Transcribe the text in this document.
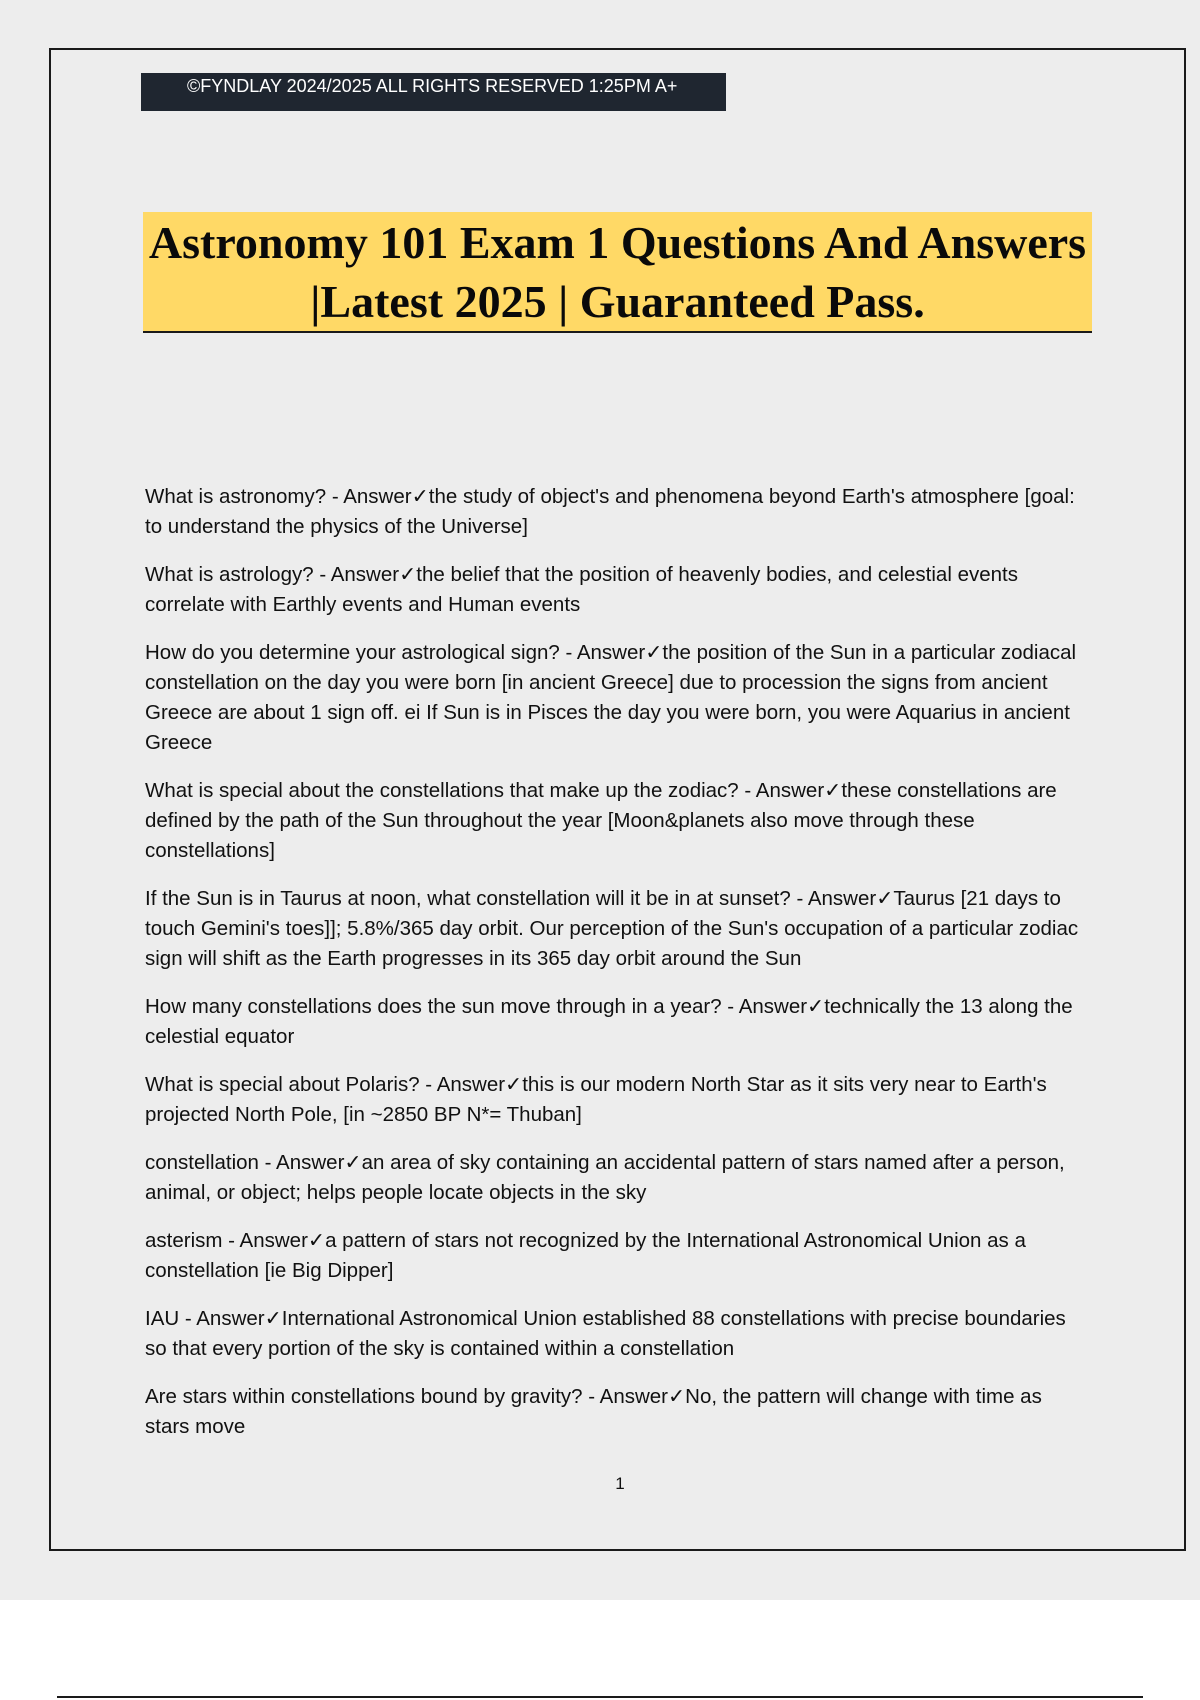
©FYNDLAY 2024/2025 ALL RIGHTS RESERVED 1:25PM A+
Astronomy 101 Exam 1 Questions And Answers |Latest 2025 | Guaranteed Pass.

What is astronomy? - Answer✓the study of object's and phenomena beyond Earth's atmosphere [goal: to understand the physics of the Universe]

What is astrology? - Answer✓the belief that the position of heavenly bodies, and celestial events correlate with Earthly events and Human events

How do you determine your astrological sign? - Answer✓the position of the Sun in a particular zodiacal constellation on the day you were born [in ancient Greece] due to procession the signs from ancient Greece are about 1 sign off. ei If Sun is in Pisces the day you were born, you were Aquarius in ancient Greece

What is special about the constellations that make up the zodiac? - Answer✓these constellations are defined by the path of the Sun throughout the year [Moon&planets also move through these constellations]

If the Sun is in Taurus at noon, what constellation will it be in at sunset? - Answer✓Taurus [21 days to touch Gemini's toes]]; 5.8%/365 day orbit. Our perception of the Sun's occupation of a particular zodiac sign will shift as the Earth progresses in its 365 day orbit around the Sun

How many constellations does the sun move through in a year? - Answer✓technically the 13 along the celestial equator

What is special about Polaris? - Answer✓this is our modern North Star as it sits very near to Earth's projected North Pole, [in ~2850 BP N*= Thuban]

constellation - Answer✓an area of sky containing an accidental pattern of stars named after a person, animal, or object; helps people locate objects in the sky

asterism - Answer✓a pattern of stars not recognized by the International Astronomical Union as a constellation [ie Big Dipper]

IAU - Answer✓International Astronomical Union established 88 constellations with precise boundaries so that every portion of the sky is contained within a constellation

Are stars within constellations bound by gravity? - Answer✓No, the pattern will change with time as stars move

1
